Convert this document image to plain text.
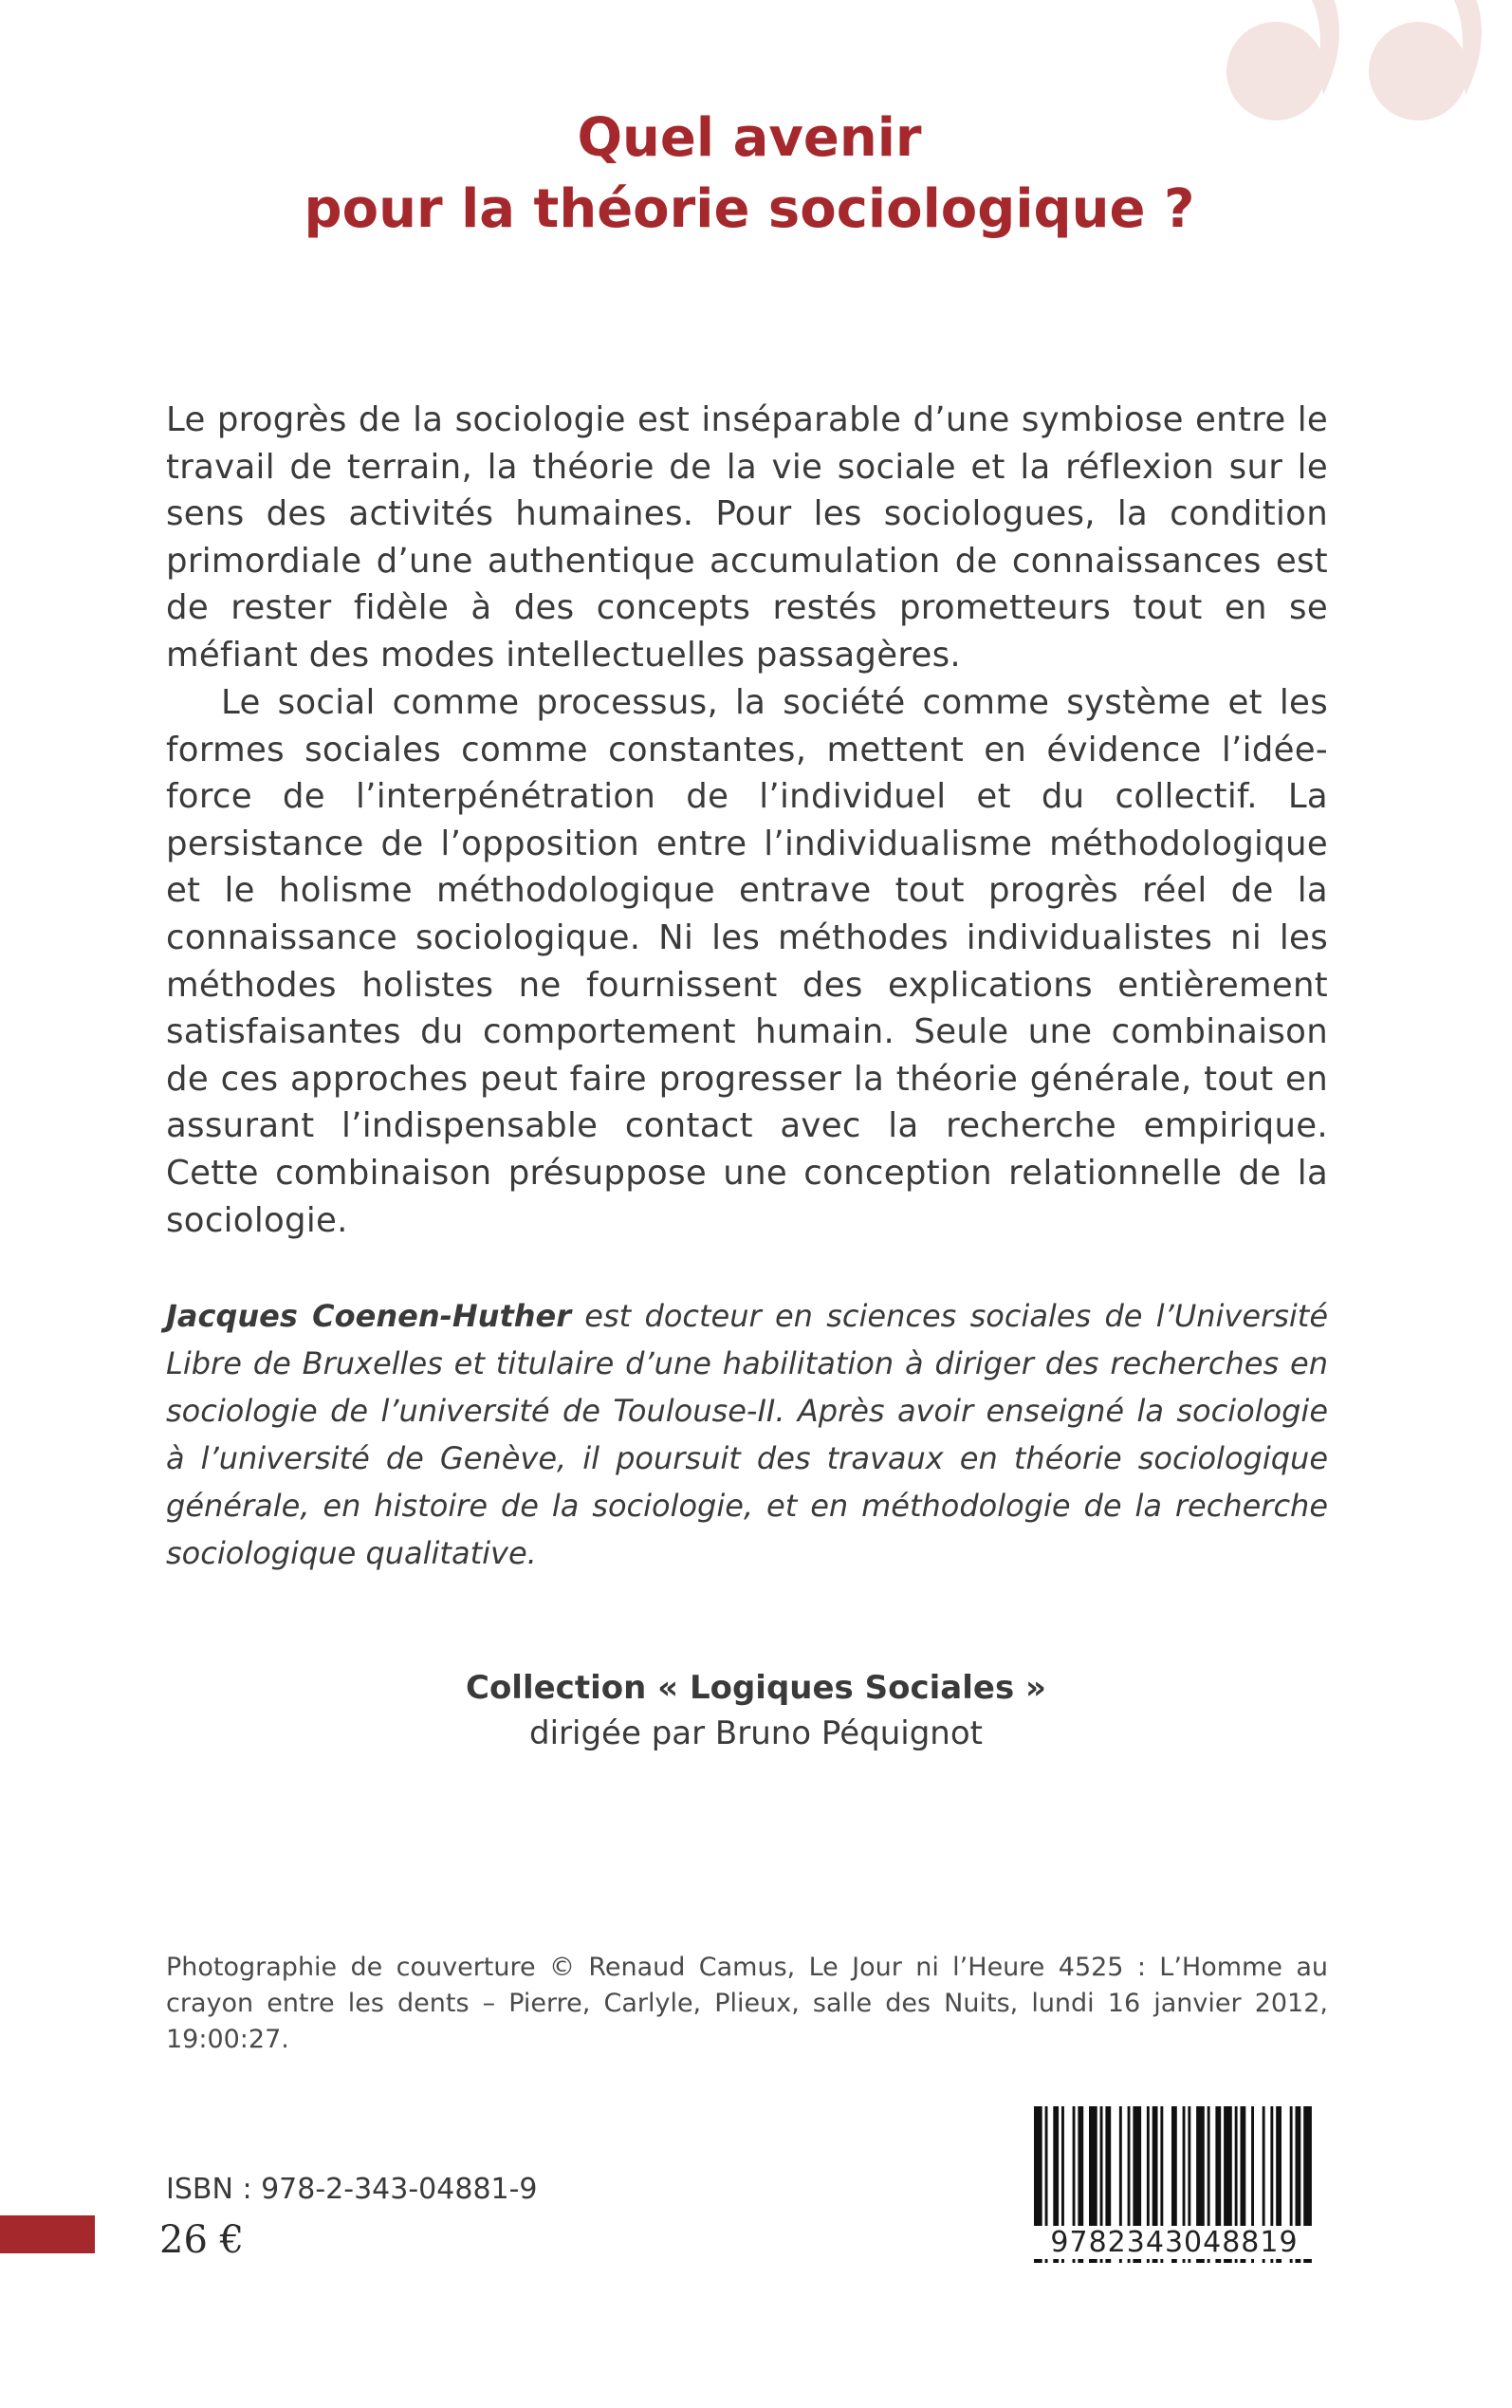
Quel avenir
pour la théorie sociologique ?

Le progrès de la sociologie est inséparable d’une symbiose entre le travail de terrain, la théorie de la vie sociale et la réflexion sur le sens des activités humaines. Pour les sociologues, la condition primordiale d’une authentique accumulation de connaissances est de rester fidèle à des concepts restés prometteurs tout en se méfiant des modes intellectuelles passagères.

Le social comme processus, la société comme système et les formes sociales comme constantes, mettent en évidence l’idée-force de l’interpénétration de l’individuel et du collectif. La persistance de l’opposition entre l’individualisme méthodologique et le holisme méthodologique entrave tout progrès réel de la connaissance sociologique. Ni les méthodes individualistes ni les méthodes holistes ne fournissent des explications entièrement satisfaisantes du comportement humain. Seule une combinaison de ces approches peut faire progresser la théorie générale, tout en assurant l’indispensable contact avec la recherche empirique. Cette combinaison présuppose une conception relationnelle de la sociologie.

Jacques Coenen-Huther est docteur en sciences sociales de l’Université Libre de Bruxelles et titulaire d’une habilitation à diriger des recherches en sociologie de l’université de Toulouse-II. Après avoir enseigné la sociologie à l’université de Genève, il poursuit des travaux en théorie sociologique générale, en histoire de la sociologie, et en méthodologie de la recherche sociologique qualitative.

Collection « Logiques Sociales »
dirigée par Bruno Péquignot

Photographie de couverture © Renaud Camus, Le Jour ni l’Heure 4525 : L’Homme au crayon entre les dents – Pierre, Carlyle, Plieux, salle des Nuits, lundi 16 janvier 2012, 19:00:27.

ISBN : 978-2-343-04881-9
26 €	9782343048819
